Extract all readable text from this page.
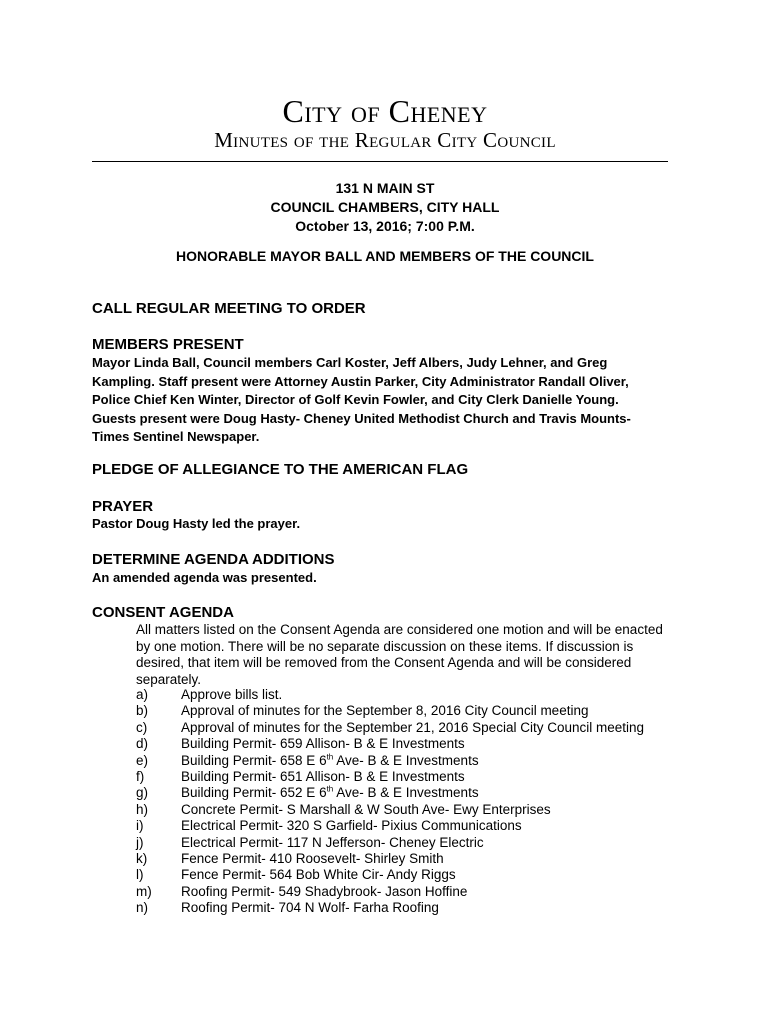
City of Cheney
Minutes of the Regular City Council
131 N MAIN ST
COUNCIL CHAMBERS, CITY HALL
October 13, 2016; 7:00 P.M.
HONORABLE MAYOR BALL AND MEMBERS OF THE COUNCIL
CALL REGULAR MEETING TO ORDER
MEMBERS PRESENT
Mayor Linda Ball, Council members Carl Koster, Jeff Albers, Judy Lehner, and Greg
Kampling. Staff present were Attorney Austin Parker, City Administrator Randall Oliver,
Police Chief Ken Winter, Director of Golf Kevin Fowler, and City Clerk Danielle Young.
Guests present were Doug Hasty- Cheney United Methodist Church and Travis Mounts-
Times Sentinel Newspaper.
PLEDGE OF ALLEGIANCE TO THE AMERICAN FLAG
PRAYER
Pastor Doug Hasty led the prayer.
DETERMINE AGENDA ADDITIONS
An amended agenda was presented.
CONSENT AGENDA
All matters listed on the Consent Agenda are considered one motion and will be enacted
by one motion. There will be no separate discussion on these items. If discussion is
desired, that item will be removed from the Consent Agenda and will be considered
separately.
a)	Approve bills list.
b)	Approval of minutes for the September 8, 2016 City Council meeting
c)	Approval of minutes for the September 21, 2016 Special City Council meeting
d)	Building Permit- 659 Allison- B & E Investments
e)	Building Permit- 658 E 6th Ave- B & E Investments
f)	Building Permit- 651 Allison- B & E Investments
g)	Building Permit- 652 E 6th Ave- B & E Investments
h)	Concrete Permit- S Marshall & W South Ave- Ewy Enterprises
i)	Electrical Permit- 320 S Garfield- Pixius Communications
j)	Electrical Permit- 117 N Jefferson- Cheney Electric
k)	Fence Permit- 410 Roosevelt- Shirley Smith
l)	Fence Permit- 564 Bob White Cir- Andy Riggs
m)	Roofing Permit- 549 Shadybrook- Jason Hoffine
n)	Roofing Permit- 704 N Wolf- Farha Roofing
